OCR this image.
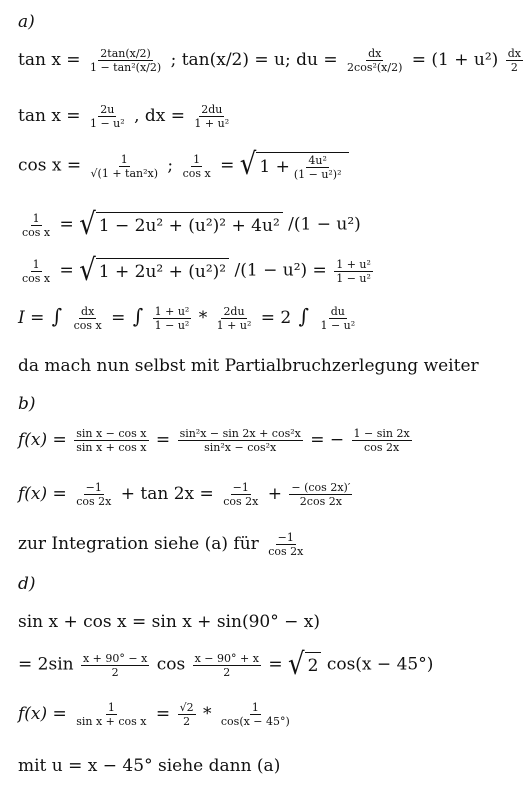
a)
$\tan x = \frac{2\tan(x/2)}{\text{1 − tan²(x/2)}}$ ; tan(x/2) = u; du = $\frac{dx}{\text{2cos²(x/2)}} = (1 + u^2) \frac{dx}{2}$
$\tan x = \frac{2u}{\text{1 − u²}}$ , dx = $\frac{2du}{\text{1 + u²}}$
$\cos x = \frac{1}{\text{√(1 + tan²x)}}$ ; $\frac{1}{\text{cos x}}$ = √ $1 + \frac{\text{4u²}}{\text{(1 − u²)²}}$
$\frac{1}{\text{cos x}}$ = √ 1 − 2u² + (u²)² + 4u² /(1 − u²)
$\frac{1}{\text{cos x}}$ = √ 1 + 2u² + (u²)² $/(1 - u^2) = \frac{\text{1 + u²}}{\text{1 − u²}}$
I = ∫ $\frac{dx}{\text{cos x}}$ = ∫ $\frac{\text{1 + u²}}{\text{1 − u²}} * \frac{2du}{\text{1 + u²}} = 2$ ∫ $\frac{du}{\text{1 − u²}}$
da mach nun selbst mit Partialbruchzerlegung weiter
b)
$f(x) = \frac{\text{sin x − cos x}}{\text{sin x + cos x}} = \frac{\text{sin²x − sin 2x + cos²x}}{\text{sin²x − cos²x}}$ = − $\frac{1 - \sin 2x}{\cos 2x}$
$f(x) = \frac{-1}{\cos 2x} + \tan 2x = \frac{-1}{\cos 2x} + \frac{- (\cos 2x)'}{2\cos 2x}$
zur Integration siehe (a) für $\frac{-1}{\cos 2x}$
d)
sin x + cos x = sin x + sin(90° − x)
= $2\sin \frac{x + 90^\circ - x}{2}$ $\cos \frac{x - 90^\circ + x}{2}$ = √ 2 cos(x − 45°)
$f(x) = \frac{1}{\text{sin x + cos x}} = \frac{√2}{2} * \frac{1}{\cos(x - 45^\circ)}$
mit u = x − 45° siehe dann (a)
